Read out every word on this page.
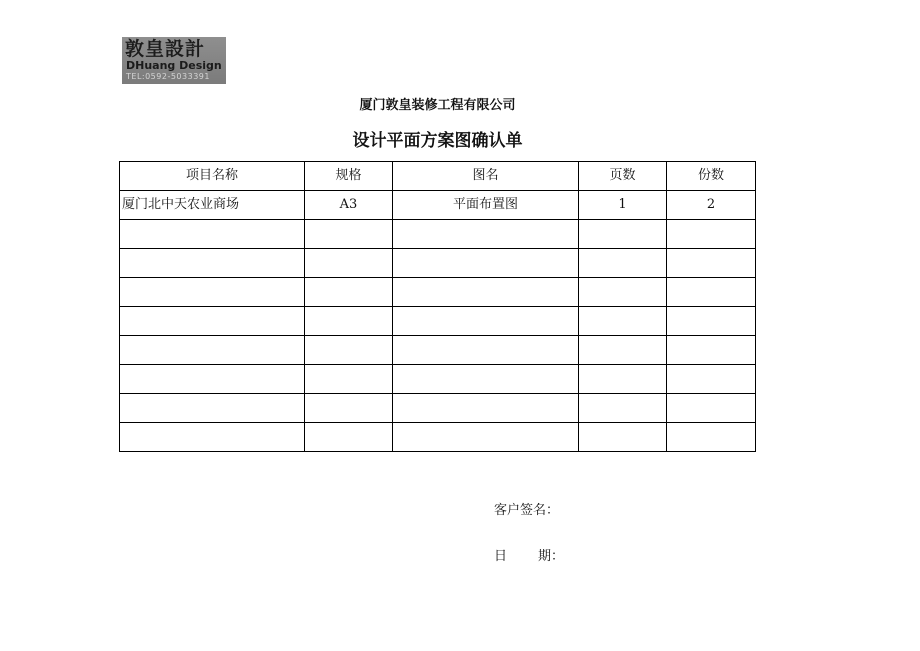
敦皇設計
DHuang Design
TEL:0592-5033391
厦门敦皇装修工程有限公司
设计平面方案图确认单
项目名称	规格	图名	页数	份数
厦门北中天农业商场	A3	平面布置图	1	2

客户签名：
日 期：
